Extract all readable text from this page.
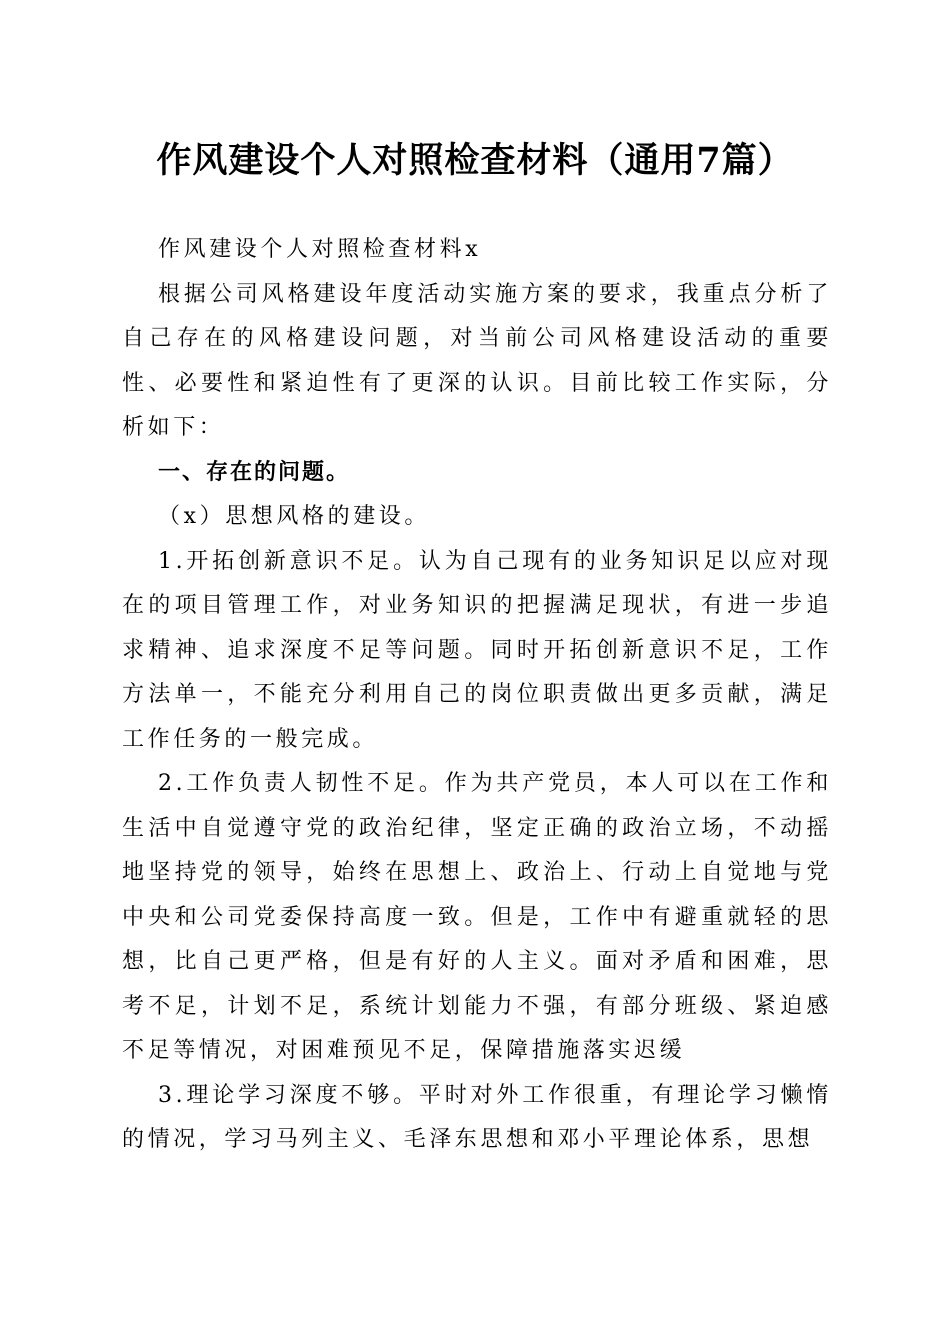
作风建设个人对照检查材料（通用7篇）

作风建设个人对照检查材料x

根据公司风格建设年度活动实施方案的要求，我重点分析了自己存在的风格建设问题，对当前公司风格建设活动的重要性、必要性和紧迫性有了更深的认识。目前比较工作实际，分析如下：

一、存在的问题。

（x）思想风格的建设。

1.开拓创新意识不足。认为自己现有的业务知识足以应对现在的项目管理工作，对业务知识的把握满足现状，有进一步追求精神、追求深度不足等问题。同时开拓创新意识不足，工作方法单一，不能充分利用自己的岗位职责做出更多贡献，满足工作任务的一般完成。

2.工作负责人韧性不足。作为共产党员，本人可以在工作和生活中自觉遵守党的政治纪律，坚定正确的政治立场，不动摇地坚持党的领导，始终在思想上、政治上、行动上自觉地与党中央和公司党委保持高度一致。但是，工作中有避重就轻的思想，比自己更严格，但是有好的人主义。面对矛盾和困难，思考不足，计划不足，系统计划能力不强，有部分班级、紧迫感不足等情况，对困难预见不足，保障措施落实迟缓

3.理论学习深度不够。平时对外工作很重，有理论学习懒惰的情况，学习马列主义、毛泽东思想和邓小平理论体系，思想
